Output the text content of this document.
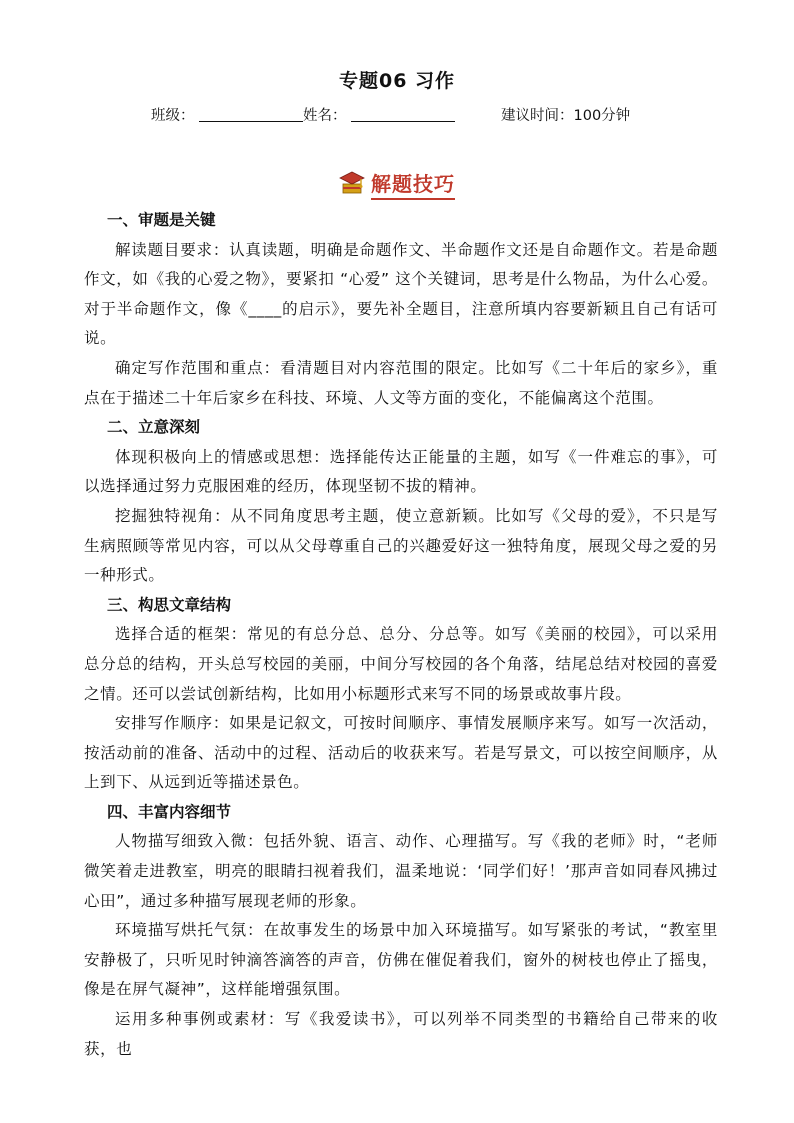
专题06 习作
班级：	姓名：	建议时间：100分钟
解题技巧

一、审题是关键

解读题目要求：认真读题，明确是命题作文、半命题作文还是自命题作文。若是命题作文，如《我的心爱之物》，要紧扣 “心爱” 这个关键词，思考是什么物品，为什么心爱。对于半命题作文，像《____的启示》，要先补全题目，注意所填内容要新颖且自己有话可说。

确定写作范围和重点：看清题目对内容范围的限定。比如写《二十年后的家乡》，重点在于描述二十年后家乡在科技、环境、人文等方面的变化，不能偏离这个范围。

二、立意深刻

体现积极向上的情感或思想：选择能传达正能量的主题，如写《一件难忘的事》，可以选择通过努力克服困难的经历，体现坚韧不拔的精神。

挖掘独特视角：从不同角度思考主题，使立意新颖。比如写《父母的爱》，不只是写生病照顾等常见内容，可以从父母尊重自己的兴趣爱好这一独特角度，展现父母之爱的另一种形式。

三、构思文章结构

选择合适的框架：常见的有总分总、总分、分总等。如写《美丽的校园》，可以采用总分总的结构，开头总写校园的美丽，中间分写校园的各个角落，结尾总结对校园的喜爱之情。还可以尝试创新结构，比如用小标题形式来写不同的场景或故事片段。

安排写作顺序：如果是记叙文，可按时间顺序、事情发展顺序来写。如写一次活动，按活动前的准备、活动中的过程、活动后的收获来写。若是写景文，可以按空间顺序，从上到下、从远到近等描述景色。

四、丰富内容细节

人物描写细致入微：包括外貌、语言、动作、心理描写。写《我的老师》时，“老师微笑着走进教室，明亮的眼睛扫视着我们，温柔地说：‘同学们好！’那声音如同春风拂过心田”，通过多种描写展现老师的形象。

环境描写烘托气氛：在故事发生的场景中加入环境描写。如写紧张的考试，“教室里安静极了，只听见时钟滴答滴答的声音，仿佛在催促着我们，窗外的树枝也停止了摇曳，像是在屏气凝神”，这样能增强氛围。

运用多种事例或素材：写《我爱读书》，可以列举不同类型的书籍给自己带来的收获，也
